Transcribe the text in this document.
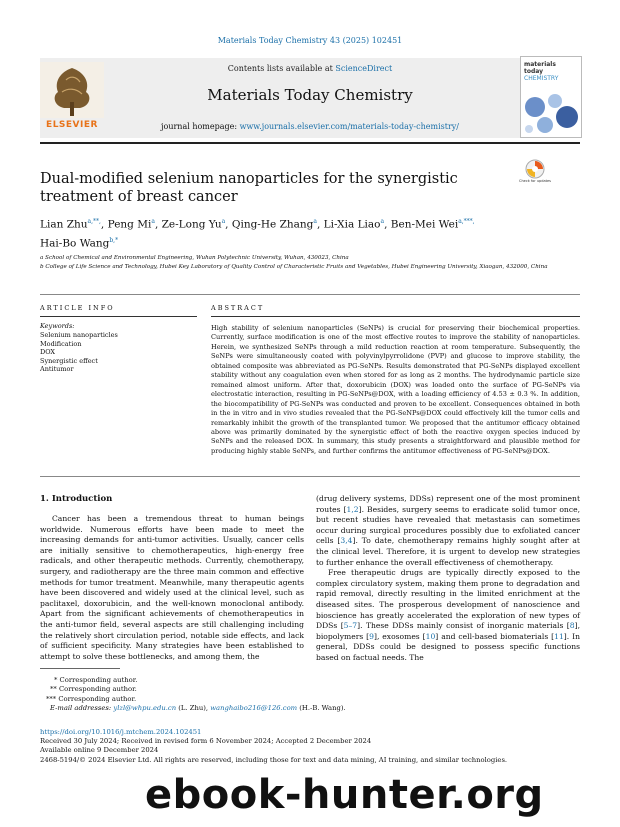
Materials Today Chemistry 43 (2025) 102451
ELSEVIER
Contents lists available at ScienceDirect
Materials Today Chemistry
journal homepage: www.journals.elsevier.com/materials-today-chemistry/
materials
today
CHEMISTRY
Dual-modified selenium nanoparticles for the synergistic treatment of breast cancer
Check for updates
Lian Zhu$^{a,**,}$, Peng Mi$^a$, Ze-Long Yu$^a$, Qing-He Zhang$^a$, Li-Xia Liao$^a$, Ben-Mei Wei$^{a,***,}$
Hai-Bo Wang$^{b,*}$
a School of Chemical and Environmental Engineering, Wuhan Polytechnic University, Wuhan, 430023, China
b College of Life Science and Technology, Hubei Key Laboratory of Quality Control of Characteristic Fruits and Vegetables, Hubei Engineering University, Xiaogan, 432000, China
ARTICLE INFO	ABSTRACT
Keywords:
Selenium nanoparticles
Modification
DOX
Synergistic effect
Antitumor
High stability of selenium nanoparticles (SeNPs) is crucial for preserving their biochemical properties. Currently, surface modification is one of the most effective routes to improve the stability of nanoparticles. Herein, we synthesized SeNPs through a mild reduction reaction at room temperature. Subsequently, the SeNPs were simultaneously coated with polyvinylpyrrolidone (PVP) and glucose to improve stability, the obtained composite was abbreviated as PG-SeNPs. Results demonstrated that PG-SeNPs displayed excellent stability without any coagulation even when stored for as long as 2 months. The hydrodynamic particle size remained almost uniform. After that, doxorubicin (DOX) was loaded onto the surface of PG-SeNPs via electrostatic interaction, resulting in PG-SeNPs@DOX, with a loading efficiency of 4.53 ± 0.3 %. In addition, the biocompatibility of PG-SeNPs was conducted and proven to be excellent. Consequences obtained in both in the in vitro and in vivo studies revealed that the PG-SeNPs@DOX could effectively kill the tumor cells and remarkably inhibit the growth of the transplanted tumor. We proposed that the antitumor efficacy obtained above was primarily dominated by the synergistic effect of both the reactive oxygen species induced by SeNPs and the released DOX. In summary, this study presents a straightforward and plausible method for producing highly stable SeNPs, and further confirms the antitumor effectiveness of PG-SeNPs@DOX.
1. Introduction

Cancer has been a tremendous threat to human beings worldwide. Numerous efforts have been made to meet the increasing demands for anti-tumor activities. Usually, cancer cells are initially sensitive to chemotherapeutics, high-energy free radicals, and other therapeutic methods. Currently, chemotherapy, surgery, and radiotherapy are the three main common and effective methods for tumor treatment. Meanwhile, many therapeutic agents have been discovered and widely used at the clinical level, such as paclitaxel, doxorubicin, and the well-known monoclonal antibody. Apart from the significant achievements of chemotherapeutics in the anti-tumor field, several aspects are still challenging including the relatively short circulation period, notable side effects, and lack of sufficient specificity. Many strategies have been established to attempt to solve these bottlenecks, and among them, the

(drug delivery systems, DDSs) represent one of the most prominent routes [1,2]. Besides, surgery seems to eradicate solid tumor once, but recent studies have revealed that metastasis can sometimes occur during surgical procedures possibly due to exfoliated cancer cells [3,4]. To date, chemotherapy remains highly sought after at the clinical level. Therefore, it is urgent to develop new strategies to further enhance the overall effectiveness of chemotherapy.

Free therapeutic drugs are typically directly exposed to the complex circulatory system, making them prone to degradation and rapid removal, directly resulting in the limited enrichment at the diseased sites. The prosperous development of nanoscience and bioscience has greatly accelerated the exploration of new types of DDSs [5–7]. These DDSs mainly consist of inorganic materials [8], biopolymers [9], exosomes [10] and cell-based biomaterials [11]. In general, DDSs could be designed to possess specific functions based on factual needs. The

* Corresponding author.
** Corresponding author.
*** Corresponding author.
E-mail addresses: ylzl@whpu.edu.cn (L. Zhu), wanghaibo216@126.com (H.-B. Wang).
https://doi.org/10.1016/j.mtchem.2024.102451
Received 30 July 2024; Received in revised form 6 November 2024; Accepted 2 December 2024
Available online 9 December 2024
2468-5194/© 2024 Elsevier Ltd. All rights are reserved, including those for text and data mining, AI training, and similar technologies.
ebook-hunter.org
